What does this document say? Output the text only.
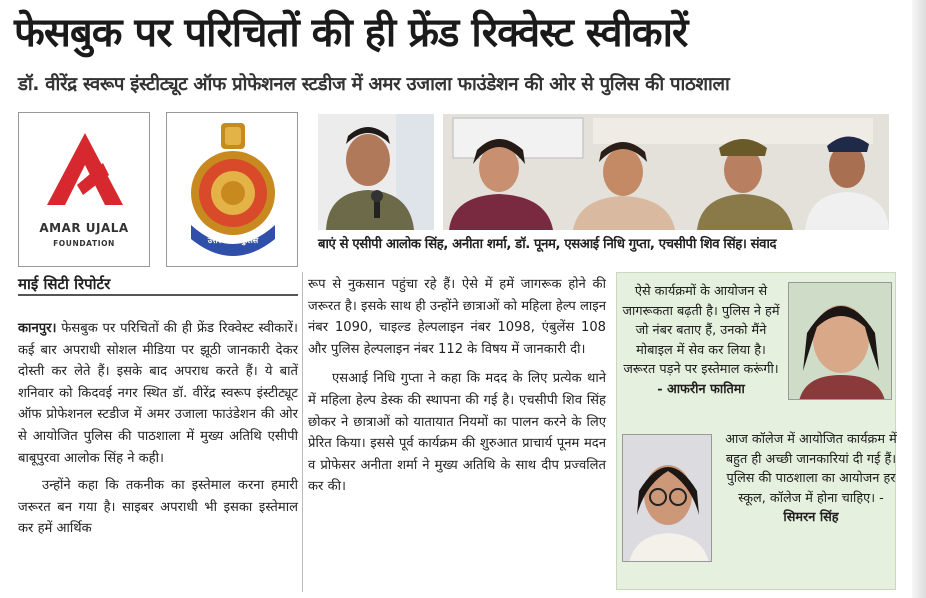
फेसबुक पर परिचितों की ही फ्रेंड रिक्वेस्ट स्वीकारें
डॉ. वीरेंद्र स्वरूप इंस्टीट्यूट ऑफ प्रोफेशनल स्टडीज में अमर उजाला फाउंडेशन की ओर से पुलिस की पाठशाला
AMAR UJALA
FOUNDATION	उत्तर प्रदेश पुलिस	बाएं से एसीपी आलोक सिंह, अनीता शर्मा, डॉ. पूनम, एसआई निधि गुप्ता, एचसीपी शिव सिंह। संवाद
माई सिटी रिपोर्टर

कानपुर। फेसबुक पर परिचितों की ही फ्रेंड रिक्वेस्ट स्वीकारें। कई बार अपराधी सोशल मीडिया पर झूठी जानकारी देकर दोस्ती कर लेते हैं। इसके बाद अपराध करते हैं। ये बातें शनिवार को किदवई नगर स्थित डॉ. वीरेंद्र स्वरूप इंस्टीट्यूट ऑफ प्रोफेशनल स्टडीज में अमर उजाला फाउंडेशन की ओर से आयोजित पुलिस की पाठशाला में मुख्य अतिथि एसीपी बाबूपुरवा आलोक सिंह ने कही।

उन्होंने कहा कि तकनीक का इस्तेमाल करना हमारी जरूरत बन गया है। साइबर अपराधी भी इसका इस्तेमाल कर हमें आर्थिक

रूप से नुकसान पहुंचा रहे हैं। ऐसे में हमें जागरूक होने की जरूरत है। इसके साथ ही उन्होंने छात्राओं को महिला हेल्प लाइन नंबर 1090, चाइल्ड हेल्पलाइन नंबर 1098, एंबुलेंस 108 और पुलिस हेल्पलाइन नंबर 112 के विषय में जानकारी दी।

एसआई निधि गुप्ता ने कहा कि मदद के लिए प्रत्येक थाने में महिला हेल्प डेस्क की स्थापना की गई है। एचसीपी शिव सिंह छोकर ने छात्राओं को यातायात नियमों का पालन करने के लिए प्रेरित किया। इससे पूर्व कार्यक्रम की शुरुआत प्राचार्य पूनम मदन व प्रोफेसर अनीता शर्मा ने मुख्य अतिथि के साथ दीप प्रज्वलित कर की।

ऐसे कार्यक्रमों के आयोजन से जागरूकता बढ़ती है। पुलिस ने हमें जो नंबर बताए हैं, उनको मैंने मोबाइल में सेव कर लिया है। जरूरत पड़ने पर इस्तेमाल करूंगी। - आफरीन फातिमा
आज कॉलेज में आयोजित कार्यक्रम में बहुत ही अच्छी जानकारियां दी गई हैं। पुलिस की पाठशाला का आयोजन हर स्कूल, कॉलेज में होना चाहिए। -
सिमरन सिंह
